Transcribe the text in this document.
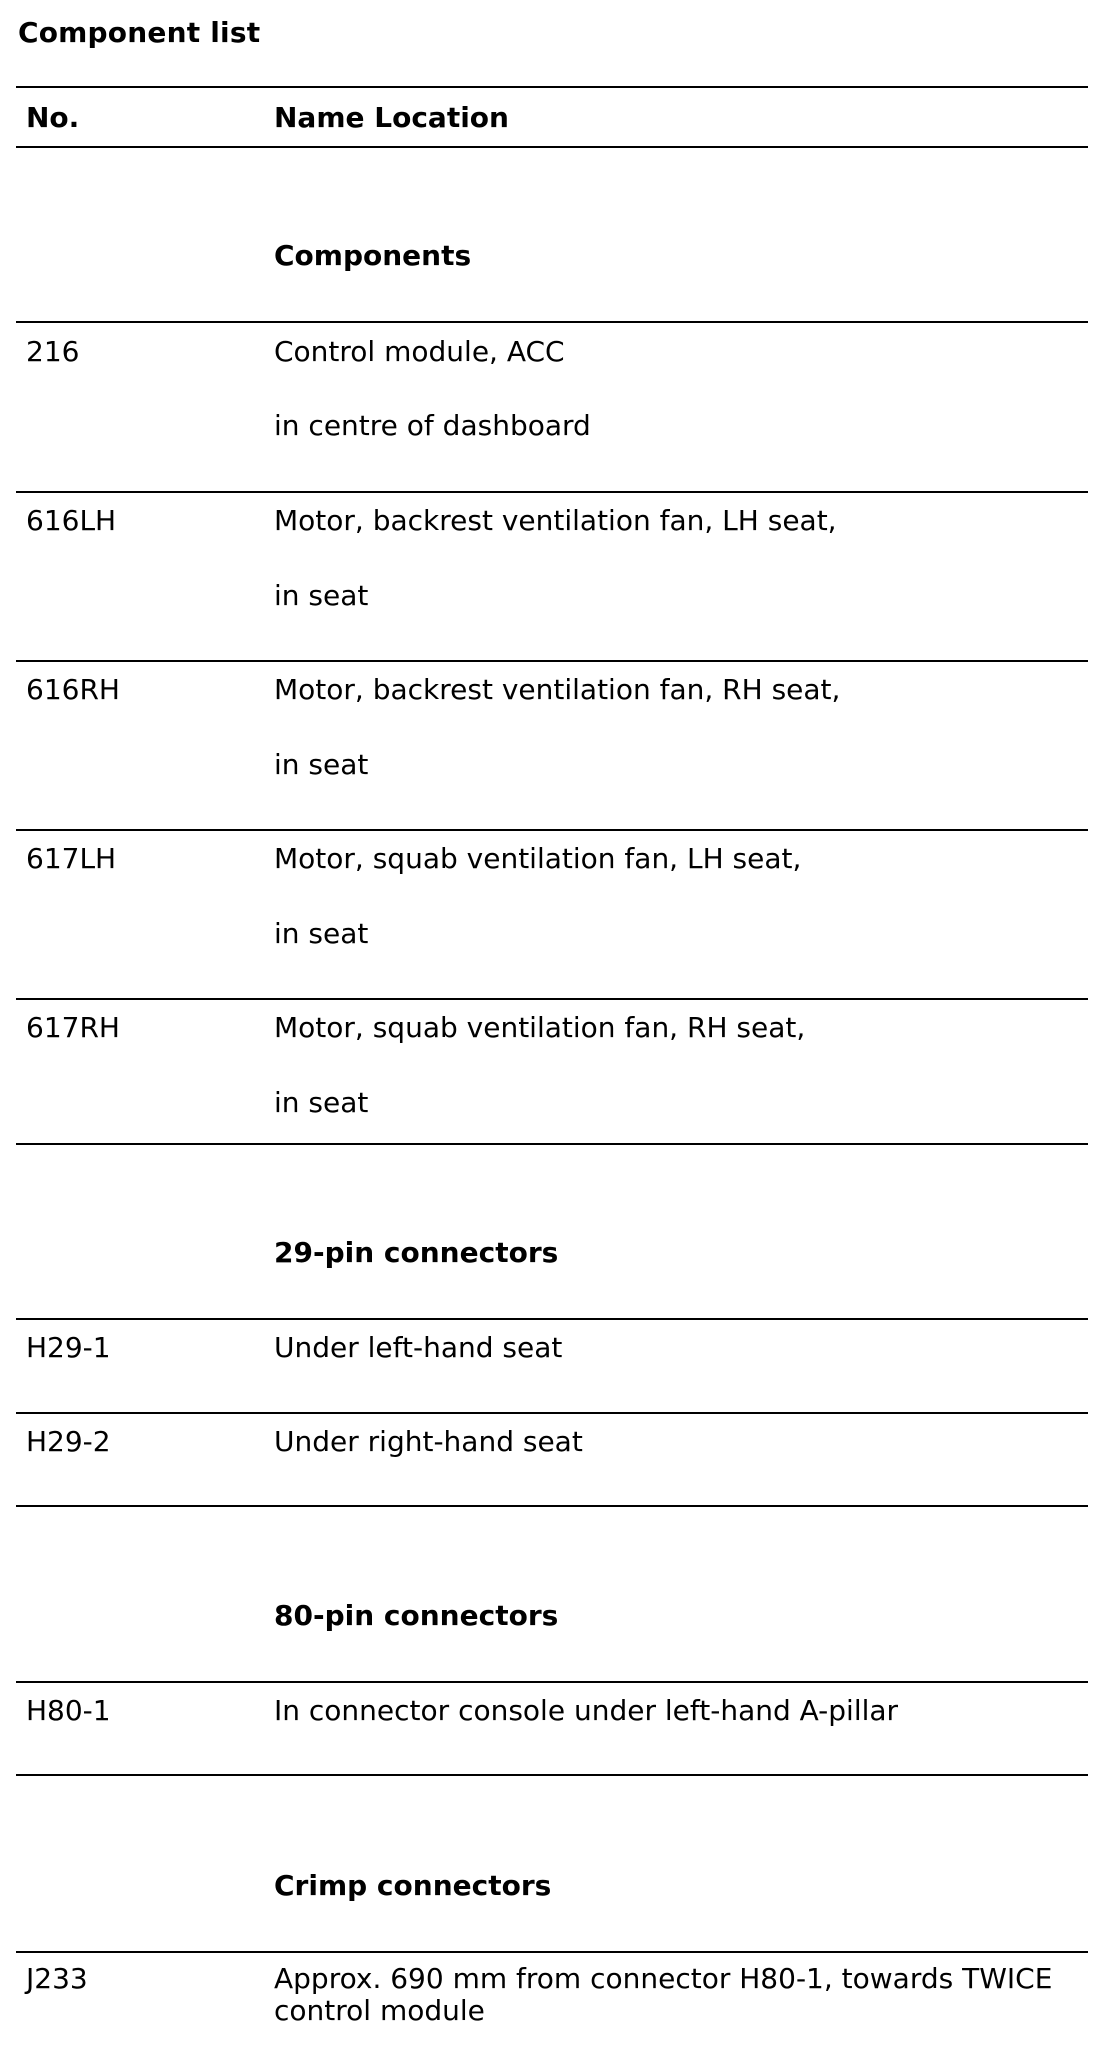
Component list
No.	Name Location
Components
216	Control module, ACC
in centre of dashboard
616LH	Motor, backrest ventilation fan, LH seat,
in seat
616RH	Motor, backrest ventilation fan, RH seat,
in seat
617LH	Motor, squab ventilation fan, LH seat,
in seat
617RH	Motor, squab ventilation fan, RH seat,
in seat
29-pin connectors
H29-1	Under left-hand seat
H29-2	Under right-hand seat
80-pin connectors
H80-1	In connector console under left-hand A-pillar
Crimp connectors
J233	Approx. 690 mm from connector H80-1, towards TWICE control module
